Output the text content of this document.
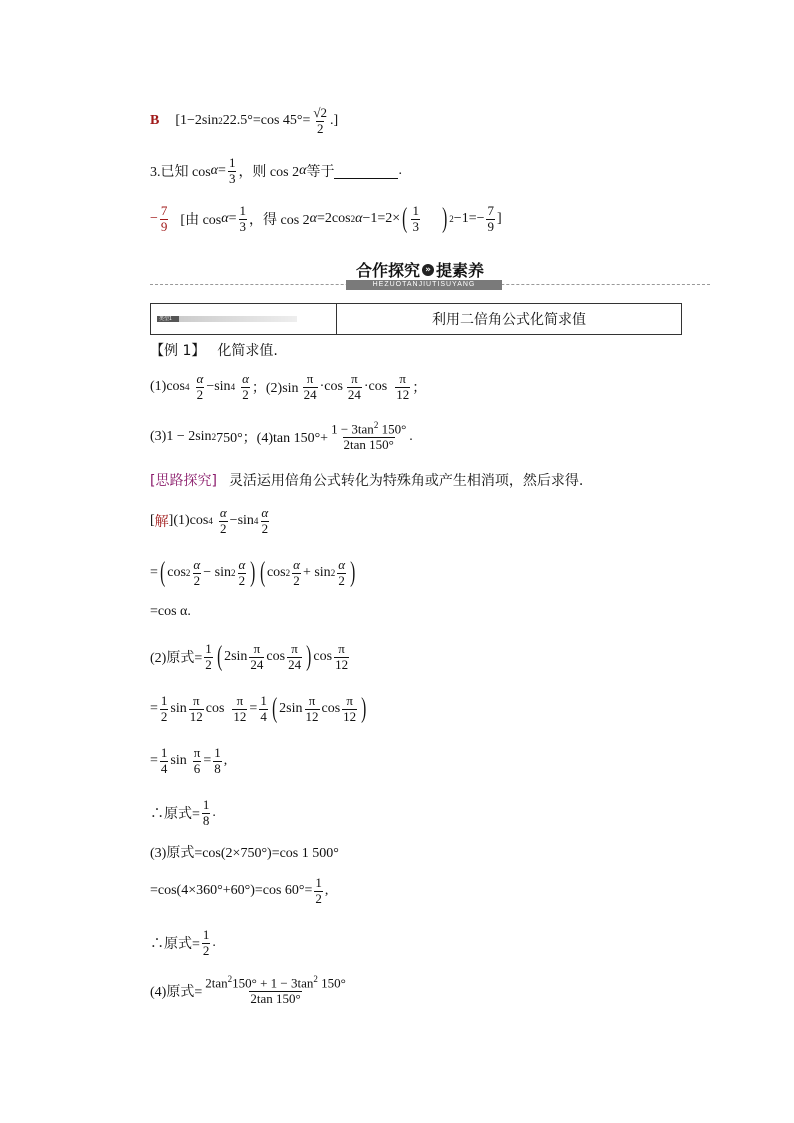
B [1−2sin 2 22.5°=cos $45^\circ= \frac{√2}{2}$ .]
3.已知 $\cos \alpha = \frac{1}{3}$ ，则 cos 2 α 等于	.
− $\frac{7}{9}$ [由 $\cos \alpha = \frac{1}{3}$ ，得 cos 2 α =2cos 2 α −1=2× ( $\frac{1}{3}$ ) $2 -1=- \frac{7}{9}$ ]
合作探究 » 提素养
HEZUOTANJIUTISUYANG
类型1	利用二倍角公式化简求值
【例 1】 化简求值.
(1)cos $4 \frac{\alpha}{2} -\sin$ $4 \frac{\alpha}{2}$ ；$(2)\sin \frac{\pi}{24} \cdot\cos \frac{\pi}{24} \cdot\cos \frac{\pi}{12}$ ；
(3)1 − 2sin 2 750°；(4)tan $150^\circ+ \frac{1 - 3\tan^2 150^\circ}{2\tan 150^\circ}$ .
[思路探究] 灵活运用倍角公式转化为特殊角或产生相消项，然后求得.
[ 解 ] (1)cos $4 \frac{\alpha}{2} -\sin$ $4 \frac{\alpha}{2}$
= ( $\cos 2 \frac{\alpha}{2} - \sin 2 \frac{\alpha}{2}$ ) ( $\cos 2 \frac{\alpha}{2} + \sin 2 \frac{\alpha}{2}$ )
=cos α.
(2)原式= $\frac{1}{2}$ ( $2\sin \frac{\pi}{24}$ $\cos \frac{\pi}{24}$ ) $\cos \frac{\pi}{12}$
= $\frac{1}{2}$ $\sin \frac{\pi}{12}$ $\cos \frac{\pi}{12} = \frac{1}{4}$ ( $2\sin \frac{\pi}{12}$ $\cos \frac{\pi}{12}$ )
= $\frac{1}{4}$ $\sin \frac{\pi}{6} = \frac{1}{8}$ ,
∴原式= $\frac{1}{8}$ .
(3)原式=cos(2×750°)=cos 1 500°
=cos(4×360°+60°)=cos $60^\circ= \frac{1}{2}$ ,
∴原式= $\frac{1}{2}$ .
(4)原式= $\frac{2\tan^2150^\circ + 1 - 3\tan^2 150^\circ}{2\tan 150^\circ}$
